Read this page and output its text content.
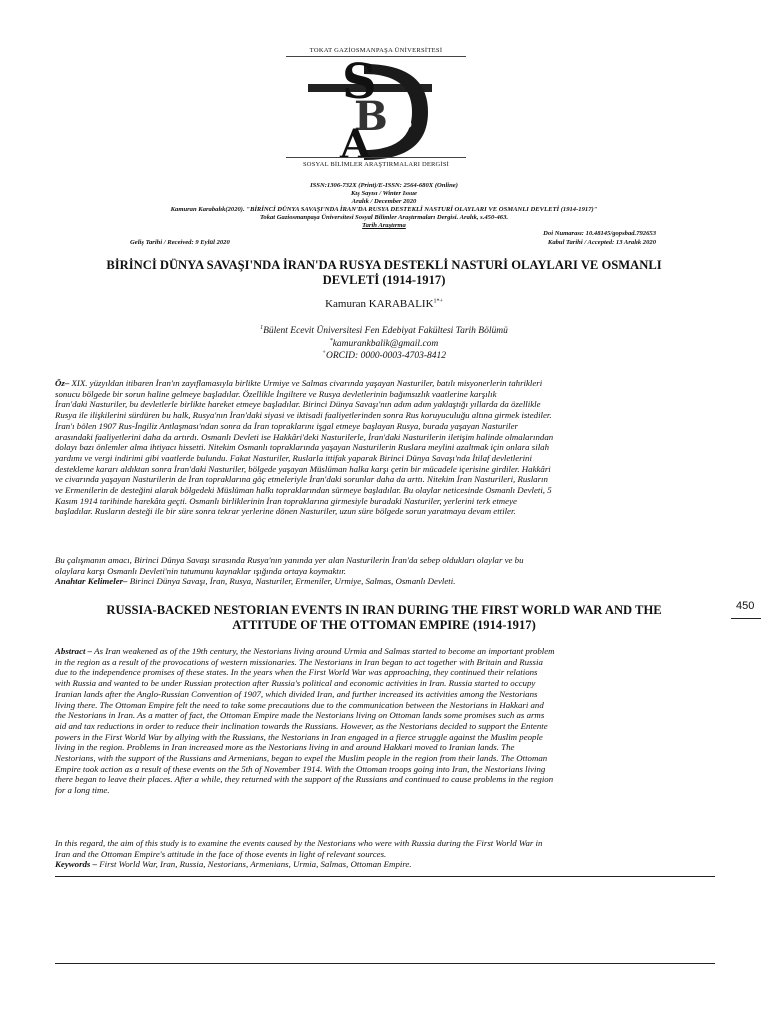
TOKAT GAZİOSMANPAŞA ÜNİVERSİTESİ
S
B
A	D
SOSYAL BİLİMLER ARAŞTIRMALARI DERGİSİ
ISSN:1306-732X (Print)/E-ISSN: 2564-680X (Online)
Kış Sayısı / Winter Issue
Aralık / December 2020
Kamuran Karabalık(2020). "BİRİNCİ DÜNYA SAVAŞI'NDA İRAN'DA RUSYA DESTEKLİ NASTURİ OLAYLARI VE OSMANLI DEVLETİ (1914-1917)"
Tokat Gaziosmanpaşa Üniversitesi Sosyal Bilimler Araştırmaları Dergisi. Aralık, s.450-463.
Tarih Araştırma
Doi Numarası: 10.48145/gopsbad.792653
Geliş Tarihi / Received: 9 Eylül 2020	Kabul Tarihi / Accepted: 13 Aralık 2020
BİRİNCİ DÜNYA SAVAŞI'NDA İRAN'DA RUSYA DESTEKLİ NASTURİ OLAYLARI VE OSMANLI
DEVLETİ (1914-1917)
Kamuran $KARABALIK^{1*+}$
$^1$Bülent Ecevit Üniversitesi Fen Edebiyat Fakültesi Tarih Bölümü
*kamurankbalik@gmail.com
+ORCID: 0000-0003-4703-8412
Öz– XIX. yüzyıldan itibaren İran'ın zayıflamasıyla birlikte Urmiye ve Salmas civarında yaşayan Nasturiler, batılı misyonerlerin tahrikleri
sonucu bölgede bir sorun haline gelmeye başladılar. Özellikle İngiltere ve Rusya devletlerinin bağımsızlık vaatlerine karşılık
İran'daki Nasturiler, bu devletlerle birlikte hareket etmeye başladılar. Birinci Dünya Savaşı'nın adım adım yaklaştığı yıllarda da özellikle
Rusya ile ilişkilerini sürdüren bu halk, Rusya'nın İran'daki siyasi ve iktisadi faaliyetlerinden sonra Rus koruyuculuğu altına girmek istediler.
İran'ı bölen 1907 Rus-İngiliz Antlaşması'ndan sonra da İran topraklarını işgal etmeye başlayan Rusya, burada yaşayan Nasturiler
arasındaki faaliyetlerini daha da artırdı. Osmanlı Devleti ise Hakkâri'deki Nasturilerle, İran'daki Nasturilerin iletişim halinde olmalarından
dolayı bazı önlemler alma ihtiyacı hissetti. Nitekim Osmanlı topraklarında yaşayan Nasturilerin Ruslara meylini azaltmak için onlara silah
yardımı ve vergi indirimi gibi vaatlerde bulundu. Fakat Nasturiler, Ruslarla ittifak yaparak Birinci Dünya Savaşı'nda İtilaf devletlerini
destekleme kararı aldıktan sonra İran'daki Nasturiler, bölgede yaşayan Müslüman halka karşı çetin bir mücadele içerisine girdiler. Hakkâri
ve civarında yaşayan Nasturilerin de İran topraklarına göç etmeleriyle İran'daki sorunlar daha da arttı. Nitekim İran Nasturileri, Rusların
ve Ermenilerin de desteğini alarak bölgedeki Müslüman halkı topraklarından sürmeye başladılar. Bu olaylar neticesinde Osmanlı Devleti, 5
Kasım 1914 tarihinde harekâta geçti. Osmanlı birliklerinin İran topraklarına girmesiyle buradaki Nasturiler, yerlerini terk etmeye
başladılar. Rusların desteği ile bir süre sonra tekrar yerlerine dönen Nasturiler, uzun süre bölgede sorun yaratmaya devam ettiler.
Bu çalışmanın amacı, Birinci Dünya Savaşı sırasında Rusya'nın yanında yer alan Nasturilerin İran'da sebep oldukları olaylar ve bu
olaylara karşı Osmanlı Devleti'nin tutumunu kaynaklar ışığında ortaya koymaktır.
Anahtar Kelimeler– Birinci Dünya Savaşı, İran, Rusya, Nasturiler, Ermeniler, Urmiye, Salmas, Osmanlı Devleti.
450
RUSSIA-BACKED NESTORIAN EVENTS IN IRAN DURING THE FIRST WORLD WAR AND THE
ATTITUDE OF THE OTTOMAN EMPIRE (1914-1917)
Abstract – As Iran weakened as of the 19th century, the Nestorians living around Urmia and Salmas started to become an important problem
in the region as a result of the provocations of western missionaries. The Nestorians in Iran began to act together with Britain and Russia
due to the independence promises of these states. In the years when the First World War was approaching, they continued their relations
with Russia and wanted to be under Russian protection after Russia's political and economic activities in Iran. Russia started to occupy
Iranian lands after the Anglo-Russian Convention of 1907, which divided Iran, and further increased its activities among the Nestorians
living there. The Ottoman Empire felt the need to take some precautions due to the communication between the Nestorians in Hakkari and
the Nestorians in Iran. As a matter of fact, the Ottoman Empire made the Nestorians living on Ottoman lands some promises such as arms
aid and tax reductions in order to reduce their inclination towards the Russians. However, as the Nestorians decided to support the Entente
powers in the First World War by allying with the Russians, the Nestorians in Iran engaged in a fierce struggle against the Muslim people
living in the region. Problems in Iran increased more as the Nestorians living in and around Hakkari moved to Iranian lands. The
Nestorians, with the support of the Russians and Armenians, began to expel the Muslim people in the region from their lands. The Ottoman
Empire took action as a result of these events on the 5th of November 1914. With the Ottoman troops going into Iran, the Nestorians living
there began to leave their places. After a while, they returned with the support of the Russians and continued to cause problems in the region
for a long time.
In this regard, the aim of this study is to examine the events caused by the Nestorians who were with Russia during the First World War in
Iran and the Ottoman Empire's attitude in the face of those events in light of relevant sources.
Keywords – First World War, Iran, Russia, Nestorians, Armenians, Urmia, Salmas, Ottoman Empire.
